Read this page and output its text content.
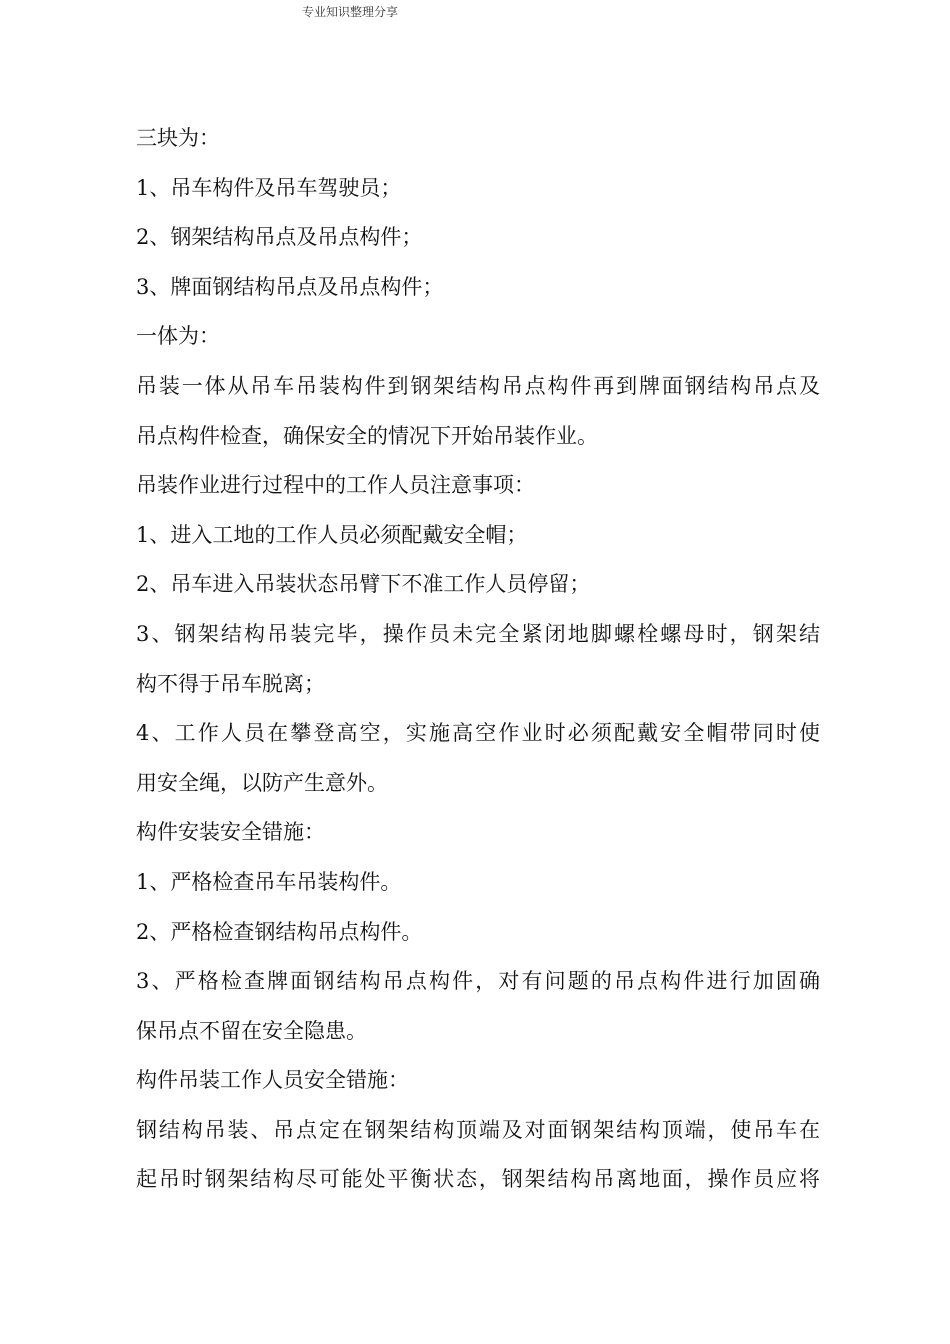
专业知识整理分享
三块为：
1、吊车构件及吊车驾驶员；
2、钢架结构吊点及吊点构件；
3、牌面钢结构吊点及吊点构件；
一体为：
吊装一体从吊车吊装构件到钢架结构吊点构件再到牌面钢结构吊点及
吊点构件检查，确保安全的情况下开始吊装作业。
吊装作业进行过程中的工作人员注意事项：
1、进入工地的工作人员必须配戴安全帽；
2、吊车进入吊装状态吊臂下不准工作人员停留；
3、钢架结构吊装完毕，操作员未完全紧闭地脚螺栓螺母时，钢架结
构不得于吊车脱离；
4、工作人员在攀登高空，实施高空作业时必须配戴安全帽带同时使
用安全绳，以防产生意外。
构件安装安全错施：
1、严格检查吊车吊装构件。
2、严格检查钢结构吊点构件。
3、严格检查牌面钢结构吊点构件，对有问题的吊点构件进行加固确
保吊点不留在安全隐患。
构件吊装工作人员安全错施：
钢结构吊装、吊点定在钢架结构顶端及对面钢架结构顶端，使吊车在
起吊时钢架结构尽可能处平衡状态，钢架结构吊离地面，操作员应将
